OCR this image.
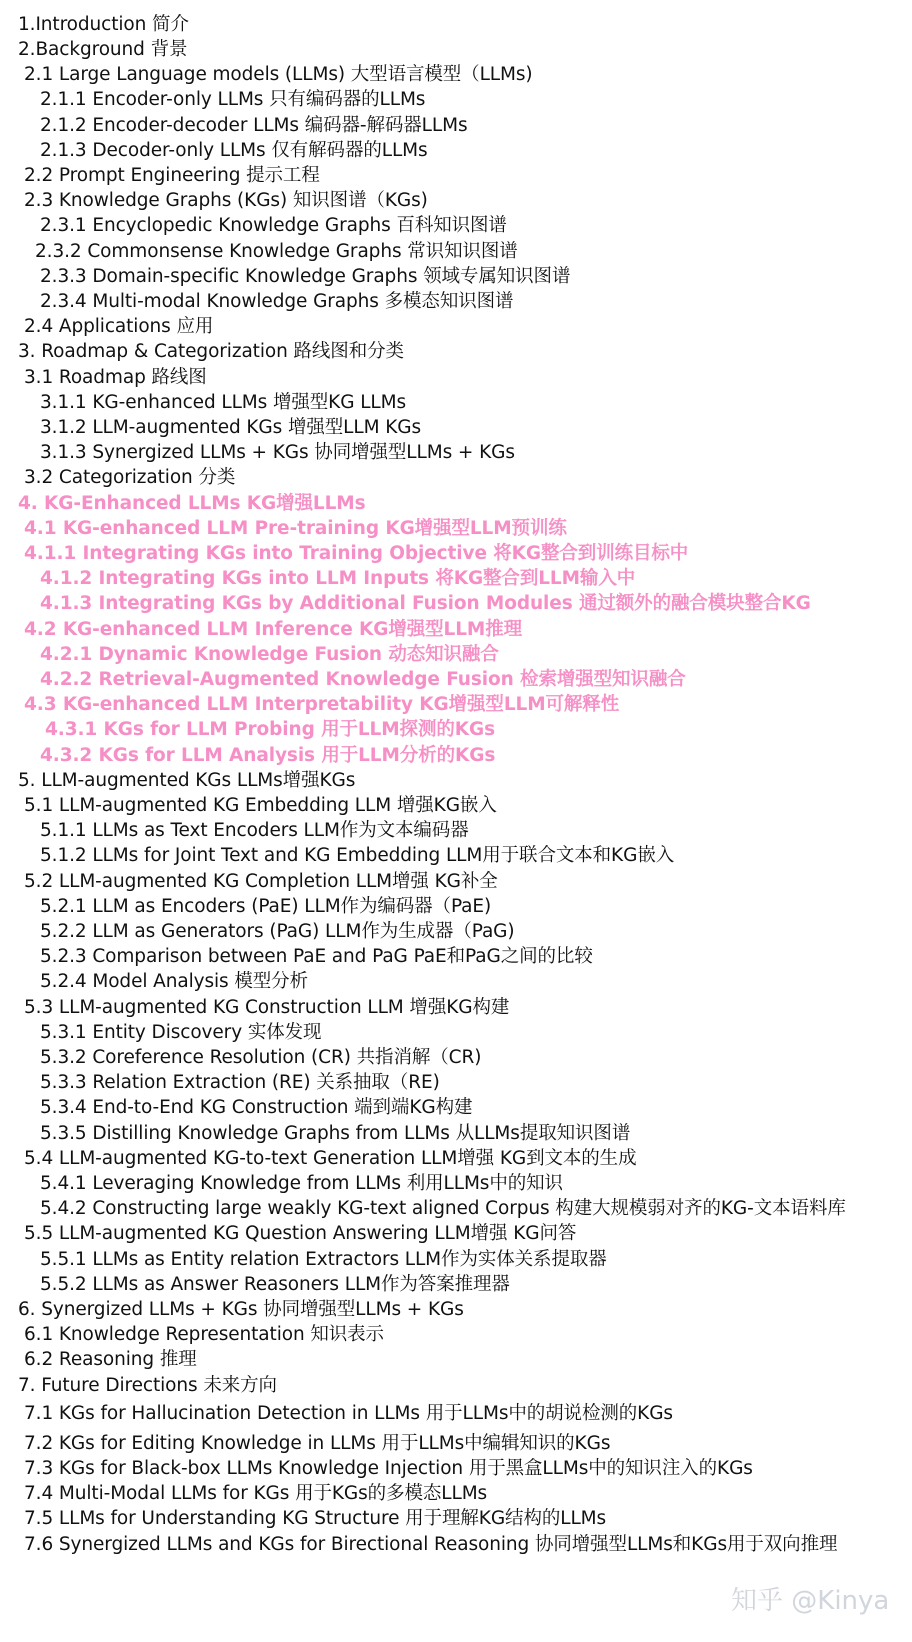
1.Introduction 简介
2.Background 背景
2.1 Large Language models (LLMs) 大型语言模型（LLMs)
2.1.1 Encoder-only LLMs 只有编码器的LLMs
2.1.2 Encoder-decoder LLMs 编码器-解码器LLMs
2.1.3 Decoder-only LLMs 仅有解码器的LLMs
2.2 Prompt Engineering 提示工程
2.3 Knowledge Graphs (KGs) 知识图谱（KGs)
2.3.1 Encyclopedic Knowledge Graphs 百科知识图谱
2.3.2 Commonsense Knowledge Graphs 常识知识图谱
2.3.3 Domain-specific Knowledge Graphs 领域专属知识图谱
2.3.4 Multi-modal Knowledge Graphs 多模态知识图谱
2.4 Applications 应用
3. Roadmap & Categorization 路线图和分类
3.1 Roadmap 路线图
3.1.1 KG-enhanced LLMs 增强型KG LLMs
3.1.2 LLM-augmented KGs 增强型LLM KGs
3.1.3 Synergized LLMs + KGs 协同增强型LLMs + KGs
3.2 Categorization 分类
4. KG-Enhanced LLMs KG增强LLMs
4.1 KG-enhanced LLM Pre-training KG增强型LLM预训练
4.1.1 Integrating KGs into Training Objective 将KG整合到训练目标中
4.1.2 Integrating KGs into LLM Inputs 将KG整合到LLM输入中
4.1.3 Integrating KGs by Additional Fusion Modules 通过额外的融合模块整合KG
4.2 KG-enhanced LLM Inference KG增强型LLM推理
4.2.1 Dynamic Knowledge Fusion 动态知识融合
4.2.2 Retrieval-Augmented Knowledge Fusion 检索增强型知识融合
4.3 KG-enhanced LLM Interpretability KG增强型LLM可解释性
4.3.1 KGs for LLM Probing 用于LLM探测的KGs
4.3.2 KGs for LLM Analysis 用于LLM分析的KGs
5. LLM-augmented KGs LLMs增强KGs
5.1 LLM-augmented KG Embedding LLM 增强KG嵌入
5.1.1 LLMs as Text Encoders LLM作为文本编码器
5.1.2 LLMs for Joint Text and KG Embedding LLM用于联合文本和KG嵌入
5.2 LLM-augmented KG Completion LLM增强 KG补全
5.2.1 LLM as Encoders (PaE) LLM作为编码器（PaE)
5.2.2 LLM as Generators (PaG) LLM作为生成器（PaG)
5.2.3 Comparison between PaE and PaG PaE和PaG之间的比较
5.2.4 Model Analysis 模型分析
5.3 LLM-augmented KG Construction LLM 增强KG构建
5.3.1 Entity Discovery 实体发现
5.3.2 Coreference Resolution (CR) 共指消解（CR)
5.3.3 Relation Extraction (RE) 关系抽取（RE)
5.3.4 End-to-End KG Construction 端到端KG构建
5.3.5 Distilling Knowledge Graphs from LLMs 从LLMs提取知识图谱
5.4 LLM-augmented KG-to-text Generation LLM增强 KG到文本的生成
5.4.1 Leveraging Knowledge from LLMs 利用LLMs中的知识
5.4.2 Constructing large weakly KG-text aligned Corpus 构建大规模弱对齐的KG-文本语料库
5.5 LLM-augmented KG Question Answering LLM增强 KG问答
5.5.1 LLMs as Entity relation Extractors LLM作为实体关系提取器
5.5.2 LLMs as Answer Reasoners LLM作为答案推理器
6. Synergized LLMs + KGs 协同增强型LLMs + KGs
6.1 Knowledge Representation 知识表示
6.2 Reasoning 推理
7. Future Directions 未来方向
7.1 KGs for Hallucination Detection in LLMs 用于LLMs中的胡说检测的KGs
7.2 KGs for Editing Knowledge in LLMs 用于LLMs中编辑知识的KGs
7.3 KGs for Black-box LLMs Knowledge Injection 用于黑盒LLMs中的知识注入的KGs
7.4 Multi-Modal LLMs for KGs 用于KGs的多模态LLMs
7.5 LLMs for Understanding KG Structure 用于理解KG结构的LLMs
7.6 Synergized LLMs and KGs for Birectional Reasoning 协同增强型LLMs和KGs用于双向推理
知乎 @Kinya
